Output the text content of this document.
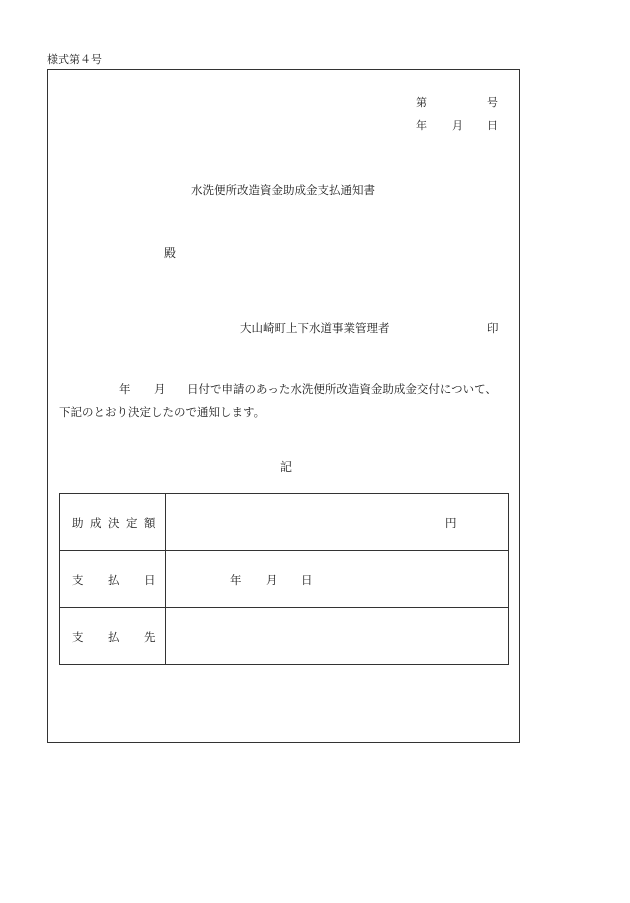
様式第４号
第	号
年 月 日
水洗便所改造資金助成金支払通知書
殿
大山崎町上下水道事業管理者	印
年 月 日付で申請のあった水洗便所改造資金助成金交付について、
下記のとおり決定したので通知します。
記
助 成 決 定 額	円

支 払 日	年 月 日

支 払 先	
